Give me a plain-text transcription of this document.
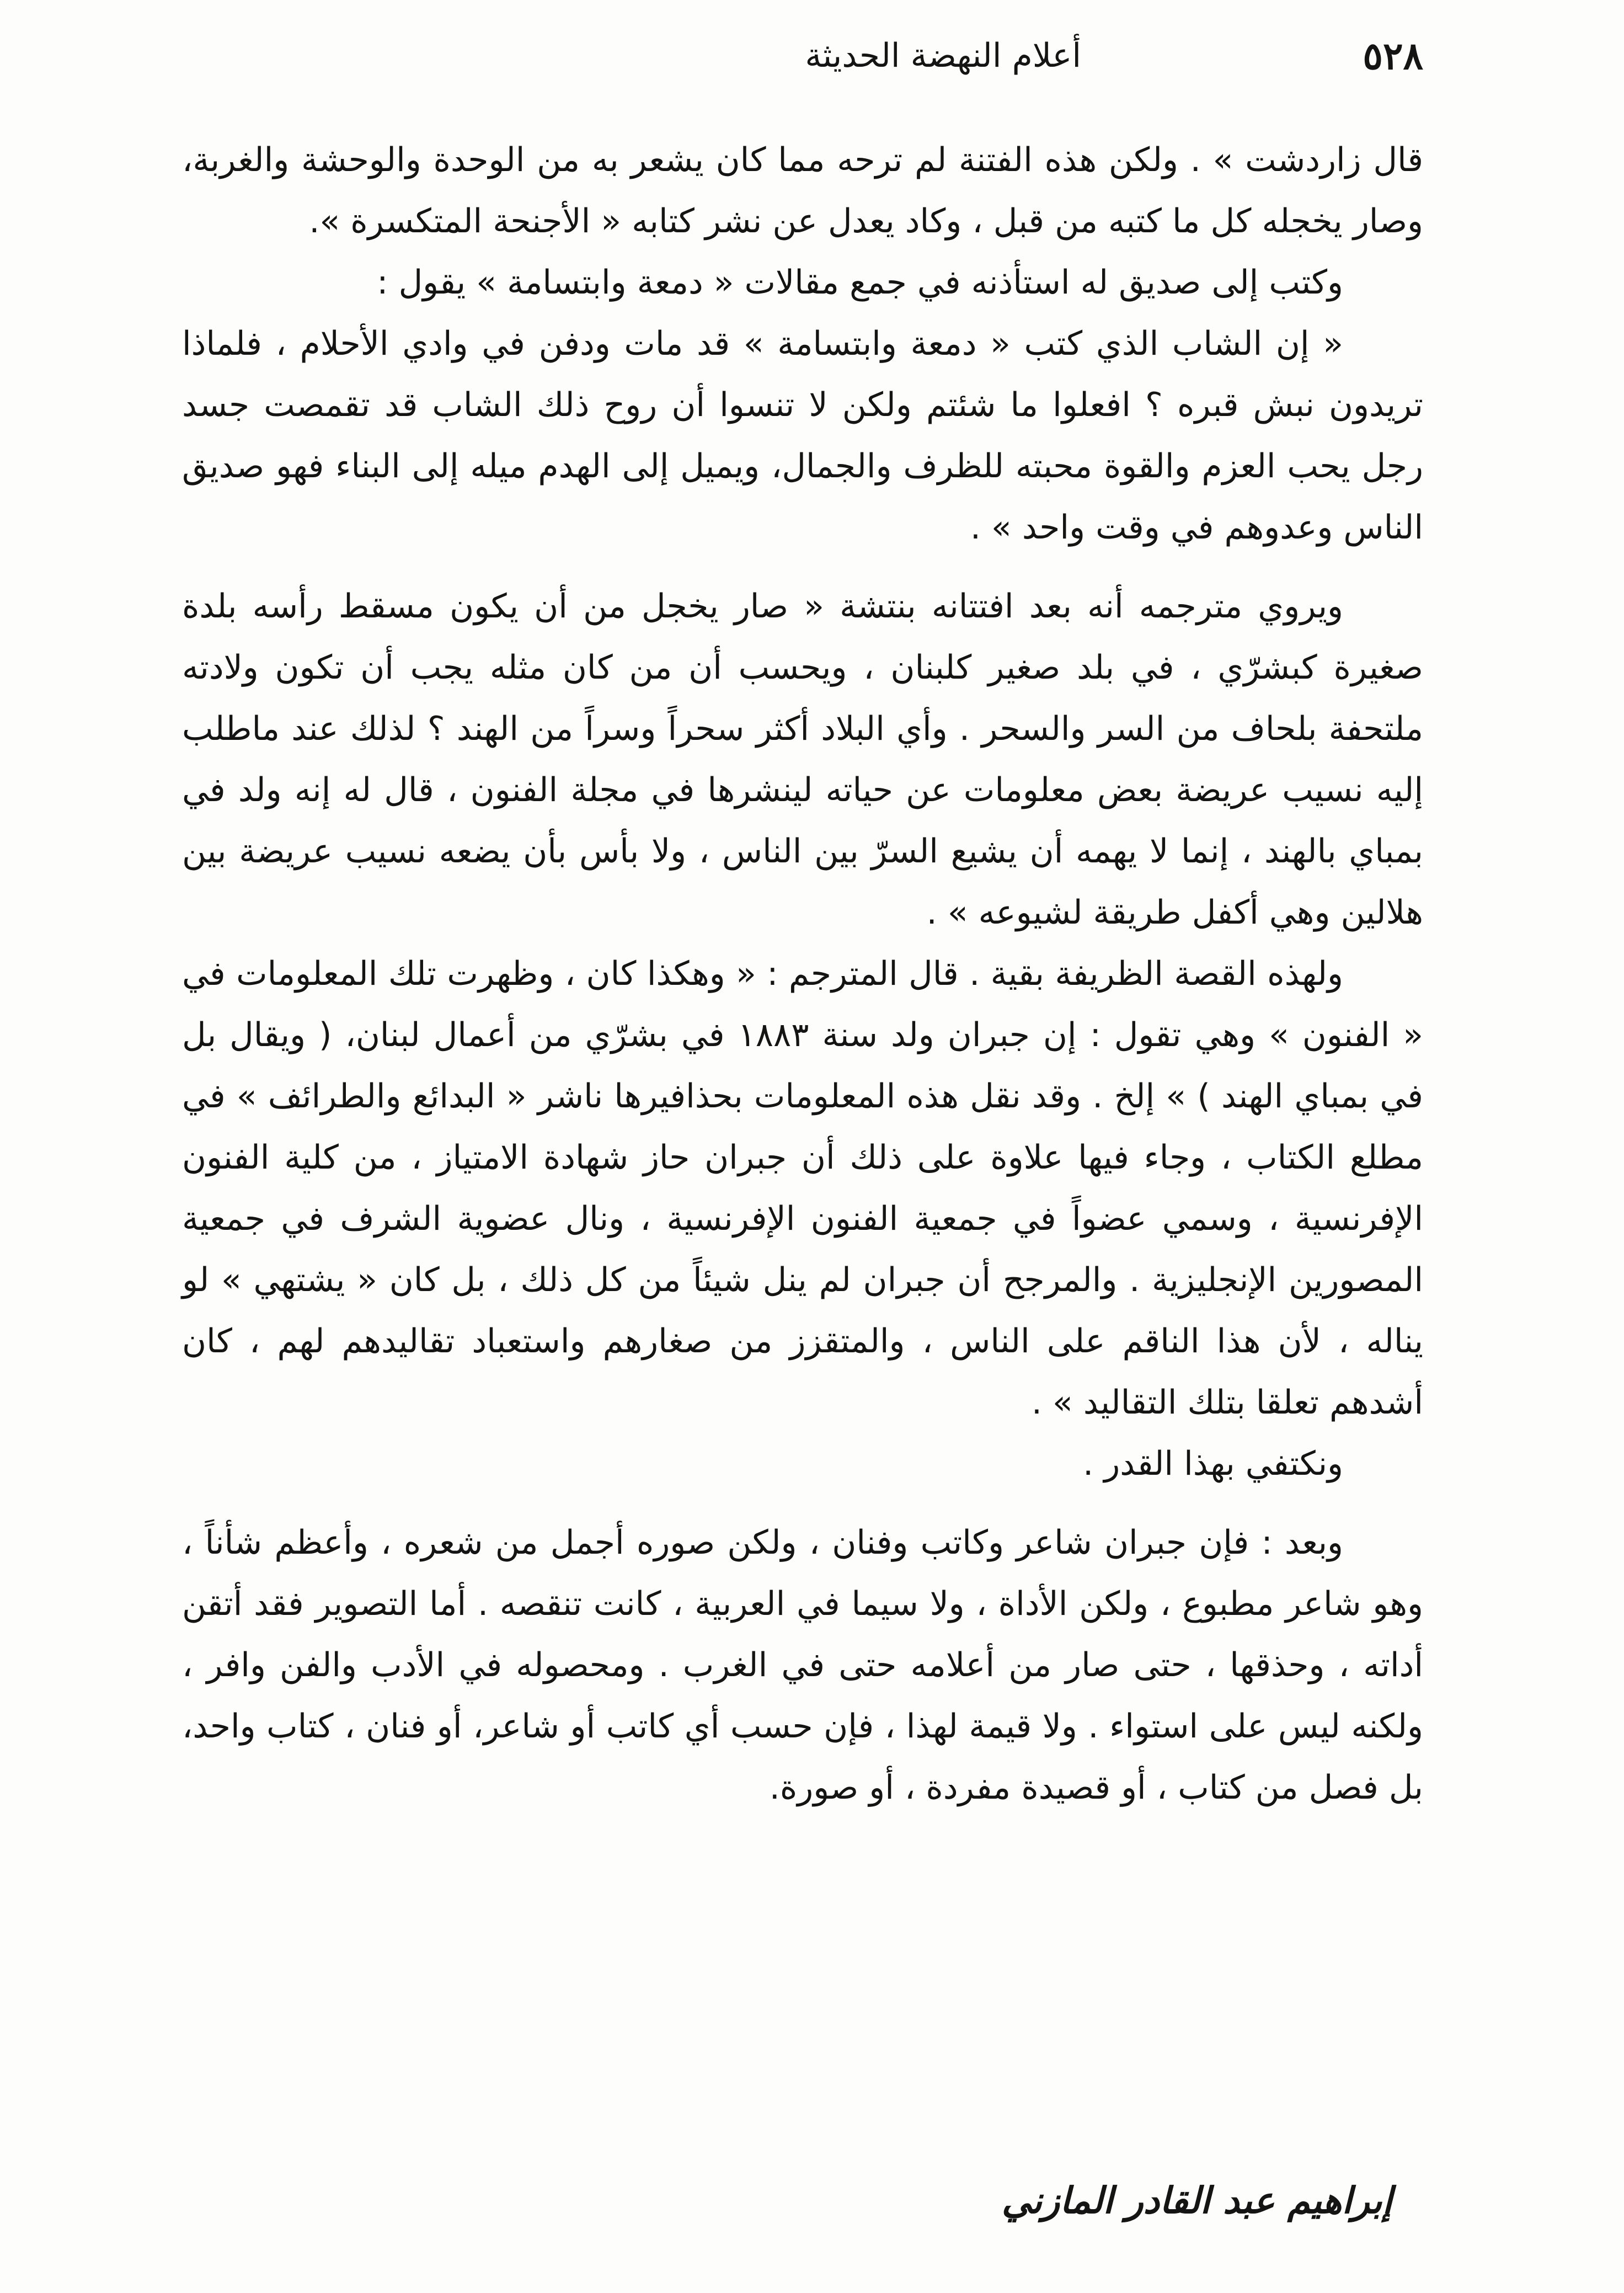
٥٢٨
أعلام النهضة الحديثة

قال زاردشت » . ولكن هذه الفتنة لم ترحه مما كان يشعر به من الوحدة والوحشة والغربة، وصار يخجله كل ما كتبه من قبل ، وكاد يعدل عن نشر كتابه « الأجنحة المتكسرة ».

وكتب إلى صديق له استأذنه في جمع مقالات « دمعة وابتسامة » يقول :

« إن الشاب الذي كتب « دمعة وابتسامة » قد مات ودفن في وادي الأحلام ، فلماذا تريدون نبش قبره ؟ افعلوا ما شئتم ولكن لا تنسوا أن روح ذلك الشاب قد تقمصت جسد رجل يحب العزم والقوة محبته للظرف والجمال، ويميل إلى الهدم ميله إلى البناء فهو صديق الناس وعدوهم في وقت واحد » .

ويروي مترجمه أنه بعد افتتانه بنتشة « صار يخجل من أن يكون مسقط رأسه بلدة صغيرة كبشرّي ، في بلد صغير كلبنان ، ويحسب أن من كان مثله يجب أن تكون ولادته ملتحفة بلحاف من السر والسحر . وأي البلاد أكثر سحراً وسراً من الهند ؟ لذلك عند ماطلب إليه نسيب عريضة بعض معلومات عن حياته لينشرها في مجلة الفنون ، قال له إنه ولد في بمباي بالهند ، إنما لا يهمه أن يشيع السرّ بين الناس ، ولا بأس بأن يضعه نسيب عريضة بين هلالين وهي أكفل طريقة لشيوعه » .

ولهذه القصة الظريفة بقية . قال المترجم : « وهكذا كان ، وظهرت تلك المعلومات في « الفنون » وهي تقول : إن جبران ولد سنة ١٨٨٣ في بشرّي من أعمال لبنان، ( ويقال بل في بمباي الهند ) » إلخ . وقد نقل هذه المعلومات بحذافيرها ناشر « البدائع والطرائف » في مطلع الكتاب ، وجاء فيها علاوة على ذلك أن جبران حاز شهادة الامتياز ، من كلية الفنون الإفرنسية ، وسمي عضواً في جمعية الفنون الإفرنسية ، ونال عضوية الشرف في جمعية المصورين الإنجليزية . والمرجح أن جبران لم ينل شيئاً من كل ذلك ، بل كان « يشتهي » لو يناله ، لأن هذا الناقم على الناس ، والمتقزز من صغارهم واستعباد تقاليدهم لهم ، كان أشدهم تعلقا بتلك التقاليد » .

ونكتفي بهذا القدر .

وبعد : فإن جبران شاعر وكاتب وفنان ، ولكن صوره أجمل من شعره ، وأعظم شأناً ، وهو شاعر مطبوع ، ولكن الأداة ، ولا سيما في العربية ، كانت تنقصه . أما التصوير فقد أتقن أداته ، وحذقها ، حتى صار من أعلامه حتى في الغرب . ومحصوله في الأدب والفن وافر ، ولكنه ليس على استواء . ولا قيمة لهذا ، فإن حسب أي كاتب أو شاعر، أو فنان ، كتاب واحد، بل فصل من كتاب ، أو قصيدة مفردة ، أو صورة.

إبراهيم عبد القادر المازني
